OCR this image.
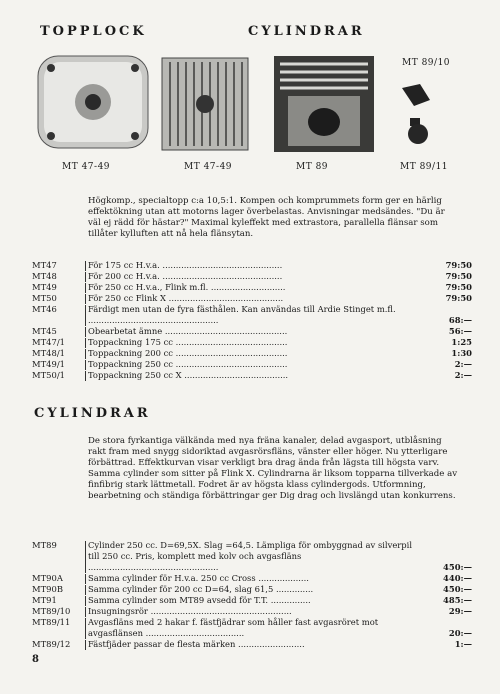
TOPPLOCK	CYLINDRAR
MT 47-49	MT 47-49	MT 89	MT 89/11
MT 89/10
Högkomp., specialtopp c:a 10,5:1. Kompen och komprummets form ger en härlig effektökning utan att motorns lager överbelastas. Anvisningar medsändes. "Du är väl ej rädd för hästar?" Maximal kyleffekt med extrastora, parallella flänsar som tillåter kylluften att nå hela flänsytan.
MT47	För 175 cc H.v.a. .............................................	79:50
MT48	För 200 cc H.v.a. .............................................	79:50
MT49	För 250 cc H.v.a., Flink m.fl. ............................	79:50
MT50	För 250 cc Flink X ...........................................	79:50
MT46	Färdigt men utan de fyra fästhålen. Kan användas till Ardie Stinget m.fl. .................................................	68:—
MT45	Obearbetat ämne ..............................................	56:—
MT47/1	Toppackning 175 cc ..........................................	1:25
MT48/1	Toppackning 200 cc ..........................................	1:30
MT49/1	Toppackning 250 cc ..........................................	2:—
MT50/1	Toppackning 250 cc X .......................................	2:—
CYLINDRAR
De stora fyrkantiga välkända med nya fräna kanaler, delad avgasport, utblåsning rakt fram med snygg sidoriktad avgasrörsfläns, vänster eller höger. Nu ytterligare förbättrad. Effektkurvan visar verkligt bra drag ända från lägsta till högsta varv. Samma cylinder som sitter på Flink X. Cylindrarna är liksom topparna tillverkade av finfibrig stark lättmetall. Fodret är av högsta klass cylindergods. Utformning, bearbetning och ständiga förbättringar ger Dig drag och livslängd utan konkurrens.
MT89	Cylinder 250 cc. D=69,5X. Slag =64,5. Lämpliga för ombyggnad av silverpil till 250 cc. Pris, komplett med kolv och avgasfläns .................................................	450:—
MT90A	Samma cylinder för H.v.a. 250 cc Cross ...................	440:—
MT90B	Samma cylinder för 200 cc D=64, slag 61,5 ..............	450:—
MT91	Samma cylinder som MT89 avsedd för T.T. ...............	485:—
MT89/10	Insugningsrör .....................................................	29:—
MT89/11	Avgasfläns med 2 hakar f. fästfjädrar som håller fast avgasröret mot avgasflänsen .....................................	20:—
MT89/12	Fästfjäder passar de flesta märken .........................	1:—
8
